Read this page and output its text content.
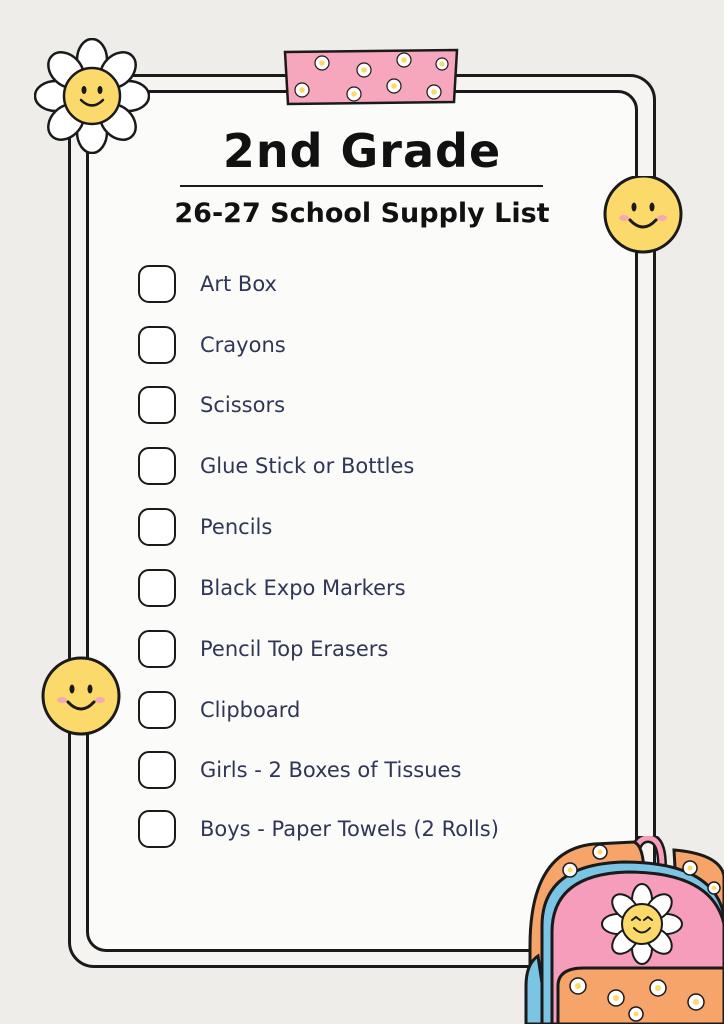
2nd Grade
26-27 School Supply List
Art Box
Crayons
Scissors
Glue Stick or Bottles
Pencils
Black Expo Markers
Pencil Top Erasers
Clipboard
Girls - 2 Boxes of Tissues
Boys - Paper Towels (2 Rolls)
